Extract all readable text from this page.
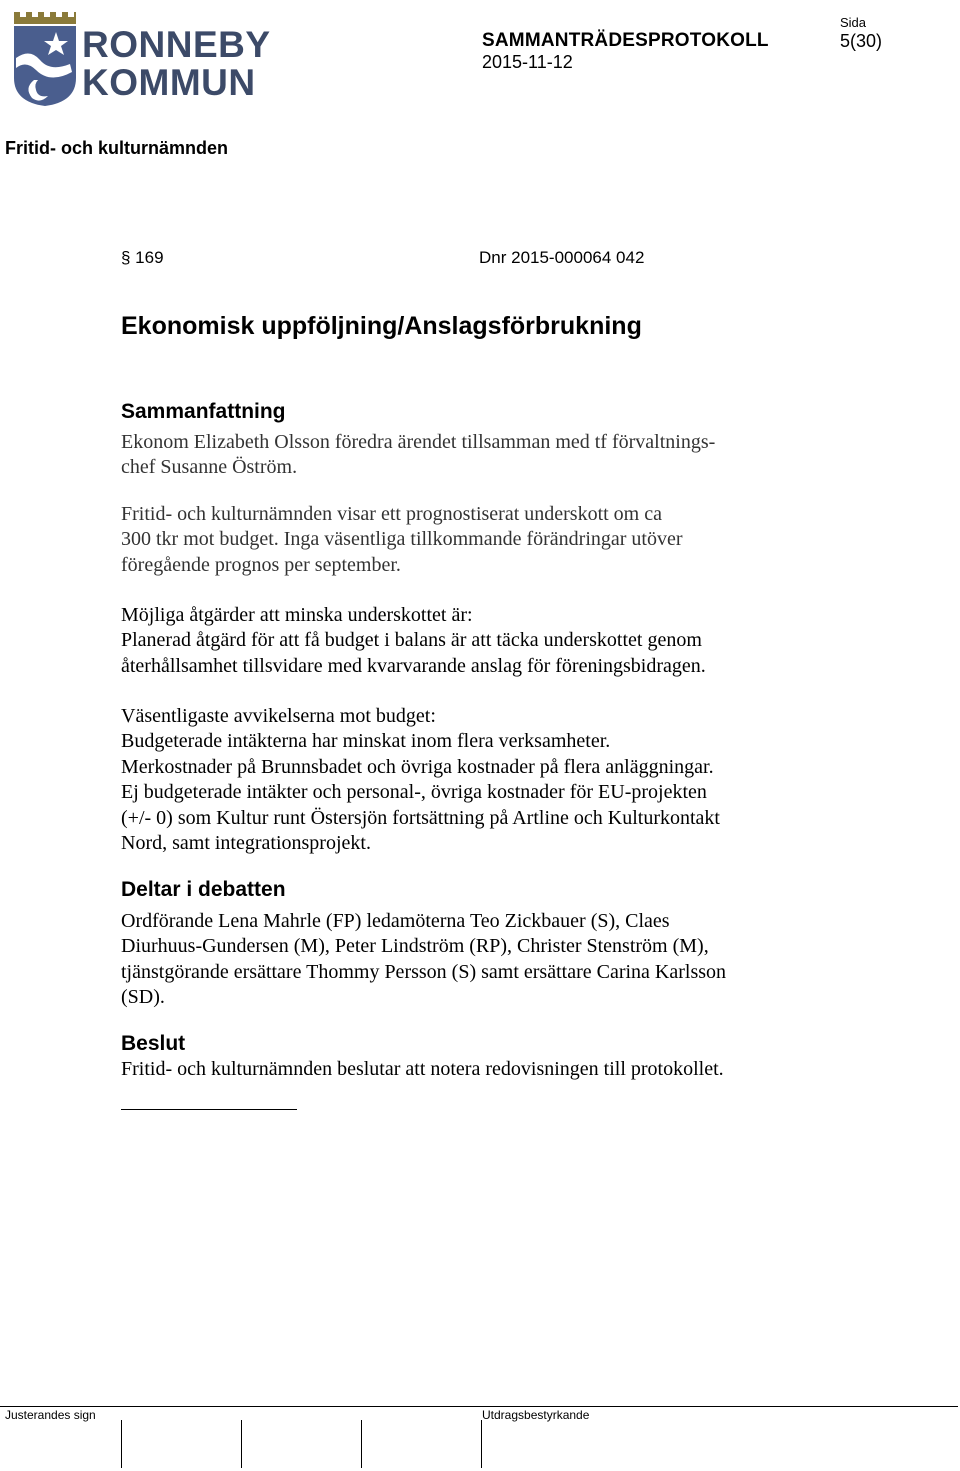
RONNEBY
KOMMUN
SAMMANTRÄDESPROTOKOLL
2015-11-12
Sida
5(30)
Fritid- och kulturnämnden
§ 169	Dnr 2015-000064 042
Ekonomisk uppföljning/Anslagsförbrukning
Sammanfattning

Ekonom Elizabeth Olsson föredra ärendet tillsamman med tf förvaltnings-

chef Susanne Öström.

Fritid- och kulturnämnden visar ett prognostiserat underskott om ca

300 tkr mot budget. Inga väsentliga tillkommande förändringar utöver

föregående prognos per september.

Möjliga åtgärder att minska underskottet är:

Planerad åtgärd för att få budget i balans är att täcka underskottet genom

återhållsamhet tillsvidare med kvarvarande anslag för föreningsbidragen.

Väsentligaste avvikelserna mot budget:

Budgeterade intäkterna har minskat inom flera verksamheter.

Merkostnader på Brunnsbadet och övriga kostnader på flera anläggningar.

Ej budgeterade intäkter och personal-, övriga kostnader för EU-projekten

(+/- 0) som Kultur runt Östersjön fortsättning på Artline och Kulturkontakt

Nord, samt integrationsprojekt.

Deltar i debatten

Ordförande Lena Mahrle (FP) ledamöterna Teo Zickbauer (S), Claes

Diurhuus-Gundersen (M), Peter Lindström (RP), Christer Stenström (M),

tjänstgörande ersättare Thommy Persson (S) samt ersättare Carina Karlsson

(SD).

Beslut

Fritid- och kulturnämnden beslutar att notera redovisningen till protokollet.

Justerandes sign	Utdragsbestyrkande
